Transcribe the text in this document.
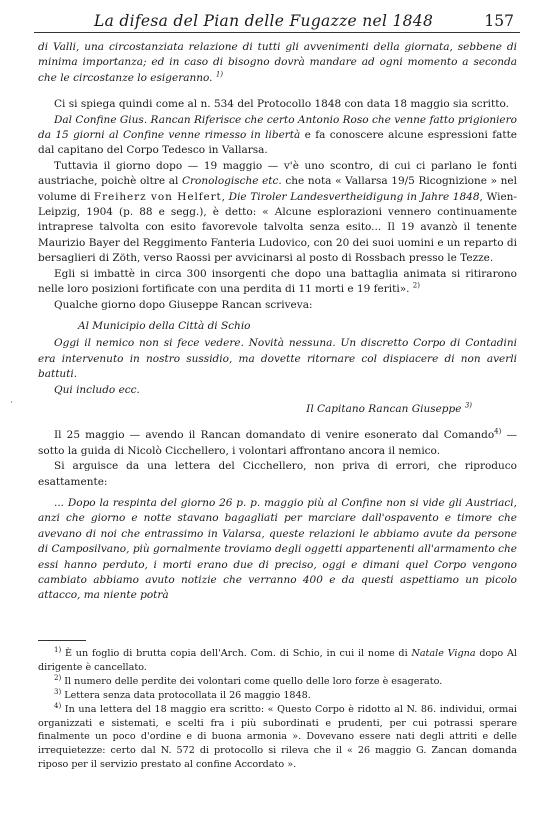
La difesa del Pian delle Fugazze nel 1848	157
·

di Valli, una circostanziata relazione di tutti gli avvenimenti della giornata, sebbene di minima importanza; ed in caso di bisogno dovrà mandare ad ogni momento a seconda che le circostanze lo esigeranno. $^{1)}$

Ci si spiega quindi come al n. 534 del Protocollo 1848 con data 18 maggio sia scritto.

Dal Confine Gius. Rancan Riferisce che certo Antonio Roso che venne fatto prigioniero da 15 giorni al Confine venne rimesso in libertà e fa conoscere alcune espressioni fatte dal capitano del Corpo Tedesco in Vallarsa.

Tuttavia il giorno dopo — 19 maggio — v'è uno scontro, di cui ci parlano le fonti austriache, poichè oltre al Cronologische etc. che nota « Vallarsa 19/5 Ricognizione » nel volume di Freiherz von Helfert, Die Tiroler Landesvertheidigung in Jahre 1848, Wien-Leipzig, 1904 (p. 88 e segg.), è detto: « Alcune esplorazioni vennero continuamente intraprese talvolta con esito favorevole talvolta senza esito... Il 19 avanzò il tenente Maurizio Bayer del Reggimento Fanteria Ludovico, con 20 dei suoi uomini e un reparto di bersaglieri di Zöth, verso Raossi per avvicinarsi al posto di Rossbach presso le Tezze.

Egli si imbattè in circa 300 insorgenti che dopo una battaglia animata si ritirarono nelle loro posizioni fortificate con una perdita di 11 morti e 19 feriti». $^{2)}$

Qualche giorno dopo Giuseppe Rancan scriveva:

Al Municipio della Città di Schio

Oggi il nemico non si fece vedere. Novità nessuna. Un discretto Corpo di Contadini era intervenuto in nostro sussidio, ma dovette ritornare col dispiacere di non averli battuti.

Qui includo ecc.

Il Capitano Rancan Giuseppe $^{3)}$

Il 25 maggio — avendo il Rancan domandato di venire esonerato dal Comando$^{4)}$ — sotto la guida di Nicolò Cicchellero, i volontari affrontano ancora il nemico.

Si arguisce da una lettera del Cicchellero, non priva di errori, che riproduco esattamente:

... Dopo la respinta del giorno 26 p. p. maggio più al Confine non si vide gli Austriaci, anzi che giorno e notte stavano bagagliati per marciare dall'ospavento e timore che avevano di noi che entrassimo in Valarsa, queste relazioni le abbiamo avute da persone di Camposilvano, più gornalmente troviamo degli oggetti appartenenti all'armamento che essi hanno perduto, i morti erano due di preciso, oggi e dimani quel Corpo vengono cambiato abbiamo avuto notizie che verranno 400 e da questi aspettiamo un picolo attacco, ma niente potrà

$^{1)}$ È un foglio di brutta copia dell'Arch. Com. di Schio, in cui il nome di Natale Vigna dopo Al dirigente è cancellato.

$^{2)}$ Il numero delle perdite dei volontari come quello delle loro forze è esagerato.

$^{3)}$ Lettera senza data protocollata il 26 maggio 1848.

$^{4)}$ In una lettera del 18 maggio era scritto: « Questo Corpo è ridotto al N. 86. individui, ormai organizzati e sistemati, e scelti fra i più subordinati e prudenti, per cui potrassi sperare finalmente un poco d'ordine e di buona armonia ». Dovevano essere nati degli attriti e delle irrequietezze: certo dal N. 572 di protocollo si rileva che il « 26 maggio G. Zancan domanda riposo per il servizio prestato al confine Accordato ».
